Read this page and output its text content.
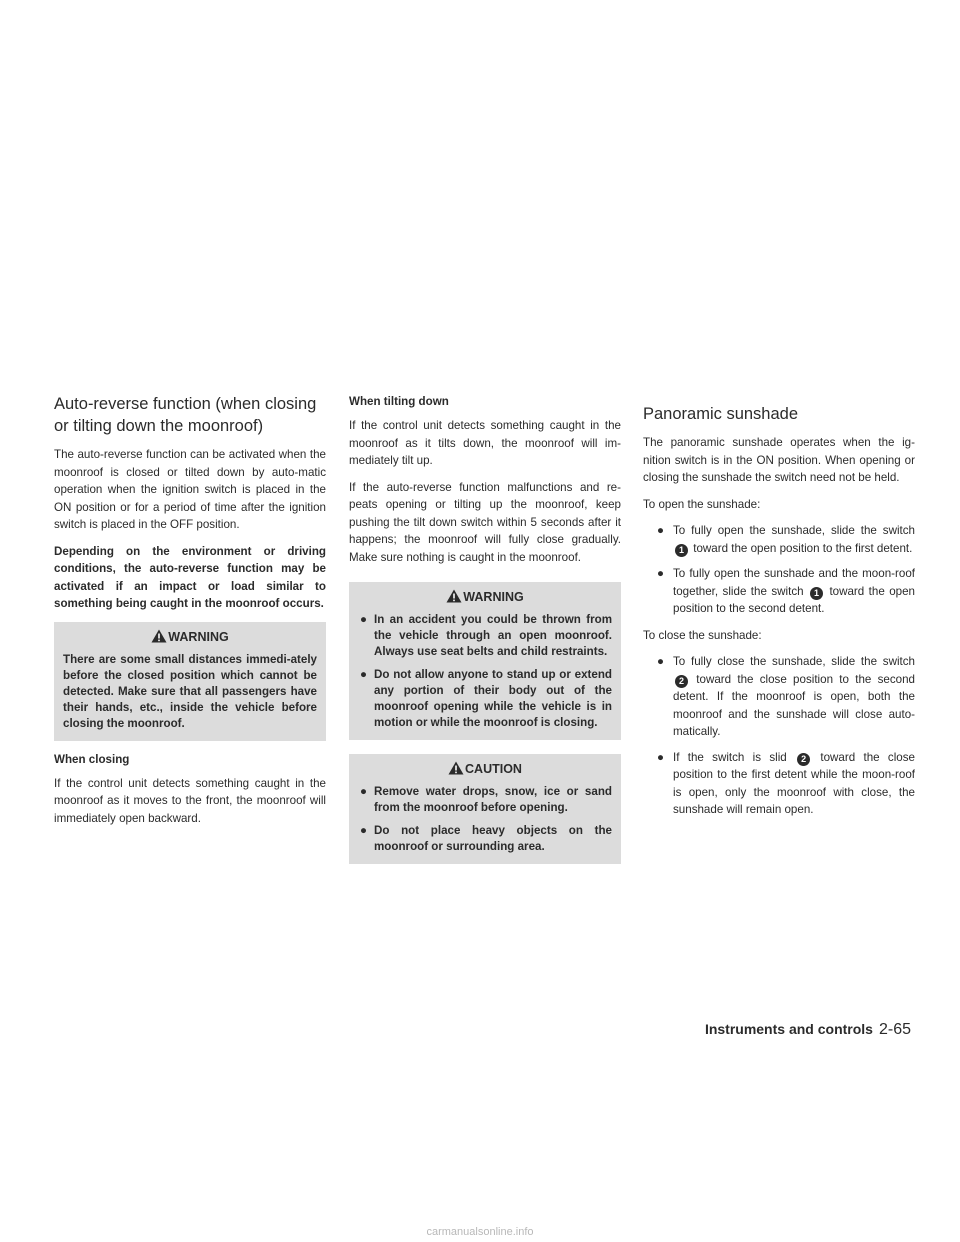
Auto-reverse function (when closing or tilting down the moonroof)

The auto-reverse function can be activated when the moonroof is closed or tilted down by auto-matic operation when the ignition switch is placed in the ON position or for a period of time after the ignition switch is placed in the OFF position.

Depending on the environment or driving conditions, the auto-reverse function may be activated if an impact or load similar to something being caught in the moonroof occurs.

WARNING

There are some small distances immedi-ately before the closed position which cannot be detected. Make sure that all passengers have their hands, etc., inside the vehicle before closing the moonroof.

When closing

If the control unit detects something caught in the moonroof as it moves to the front, the moonroof will immediately open backward.

When tilting down

If the control unit detects something caught in the moonroof as it tilts down, the moonroof will im-mediately tilt up.

If the auto-reverse function malfunctions and re-peats opening or tilting up the moonroof, keep pushing the tilt down switch within 5 seconds after it happens; the moonroof will fully close gradually. Make sure nothing is caught in the moonroof.

WARNING
● In an accident you could be thrown from the vehicle through an open moonroof. Always use seat belts and child restraints.
● Do not allow anyone to stand up or extend any portion of their body out of the moonroof opening while the vehicle is in motion or while the moonroof is closing.
CAUTION
● Remove water drops, snow, ice or sand from the moonroof before opening.
● Do not place heavy objects on the moonroof or surrounding area.
Panoramic sunshade

The panoramic sunshade operates when the ig-nition switch is in the ON position. When opening or closing the sunshade the switch need not be held.

To open the sunshade:

● To fully open the sunshade, slide the switch 1 toward the open position to the first detent.
● To fully open the sunshade and the moon-roof together, slide the switch 1 toward the open position to the second detent.

To close the sunshade:

● To fully close the sunshade, slide the switch 2 toward the close position to the second detent. If the moonroof is open, both the moonroof and the sunshade will close auto-matically.
● If the switch is slid 2 toward the close position to the first detent while the moon-roof is open, only the moonroof with close, the sunshade will remain open.
Instruments and controls 2-65
carmanualsonline.info
